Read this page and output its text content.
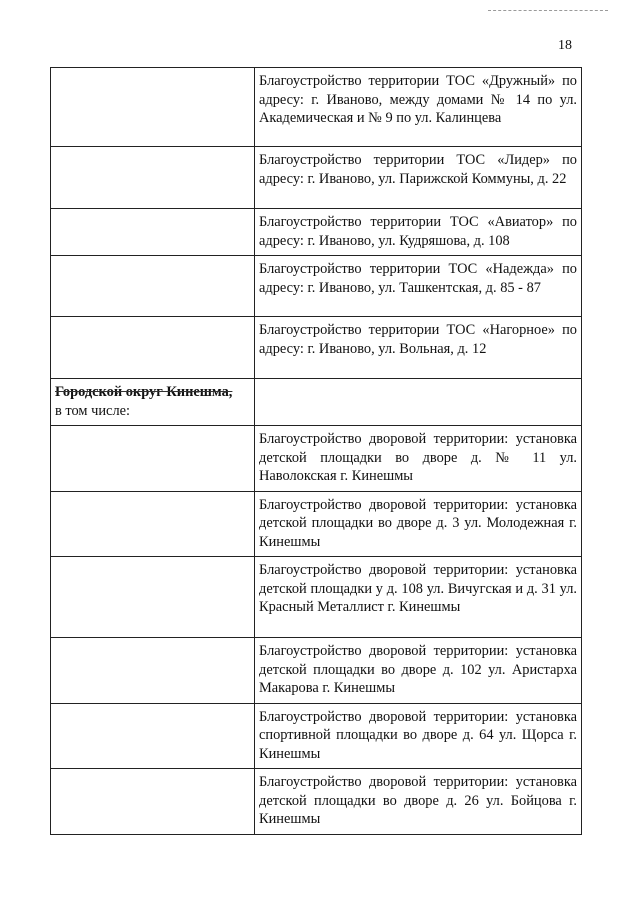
18
	Благоустройство территории ТОС «Дружный» по адресу: г. Иваново, между домами № 14 по ул. Академическая и № 9 по ул. Калинцева
	Благоустройство территории ТОС «Лидер» по адресу: г. Иваново, ул. Парижской Коммуны, д. 22
	Благоустройство территории ТОС «Авиатор» по адресу: г. Иваново, ул. Кудряшова, д. 108
	Благоустройство территории ТОС «Надежда» по адресу: г. Иваново, ул. Ташкентская, д. 85 - 87
	Благоустройство территории ТОС «Нагорное» по адресу: г. Иваново, ул. Вольная, д. 12

Городской округ Кинешма,
в том числе:	

	Благоустройство дворовой территории: установка детской площадки во дворе д. № 11 ул. Наволокская г. Кинешмы
	Благоустройство дворовой территории: установка детской площадки во дворе д. 3 ул. Молодежная г. Кинешмы
	Благоустройство дворовой территории: установка детской площадки у д. 108 ул. Вичугская и д. 31 ул. Красный Металлист г. Кинешмы
	Благоустройство дворовой территории: установка детской площадки во дворе д. 102 ул. Аристарха Макарова г. Кинешмы
	Благоустройство дворовой территории: установка спортивной площадки во дворе д. 64 ул. Щорса г. Кинешмы
	Благоустройство дворовой территории: установка детской площадки во дворе д. 26 ул. Бойцова г. Кинешмы
